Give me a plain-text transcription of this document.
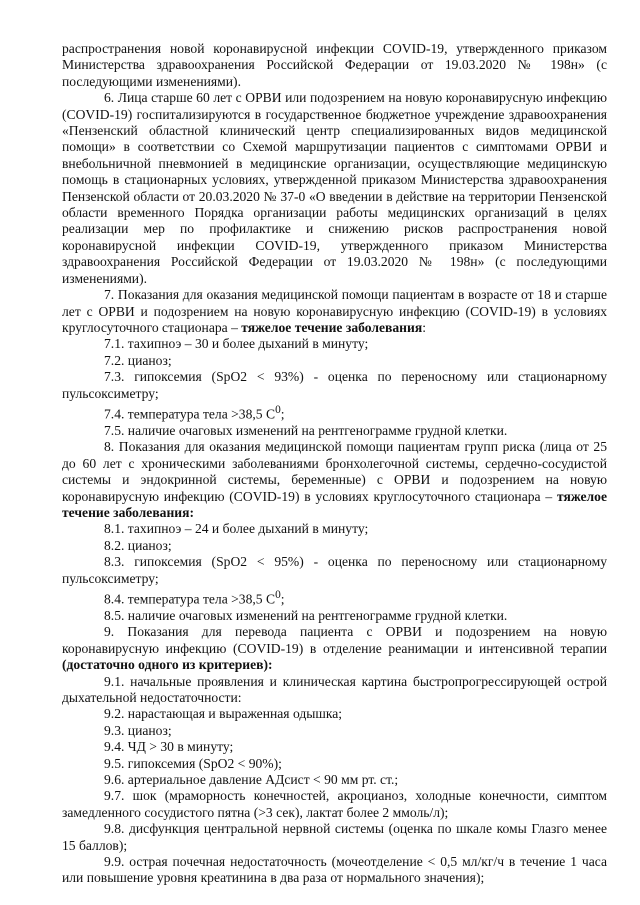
распространения новой коронавирусной инфекции COVID-19, утвержденного приказом Министерства здравоохранения Российской Федерации от 19.03.2020 № 198н» (с последующими изменениями).

6. Лица старше 60 лет с ОРВИ или подозрением на новую коронавирусную инфекцию (COVID-19) госпитализируются в государственное бюджетное учреждение здравоохранения «Пензенский областной клинический центр специализированных видов медицинской помощи» в соответствии со Схемой маршрутизации пациентов с симптомами ОРВИ и внебольничной пневмонией в медицинские организации, осуществляющие медицинскую помощь в стационарных условиях, утвержденной приказом Министерства здравоохранения Пензенской области от 20.03.2020 № 37-0 «О введении в действие на территории Пензенской области временного Порядка организации работы медицинских организаций в целях реализации мер по профилактике и снижению рисков распространения новой коронавирусной инфекции COVID-19, утвержденного приказом Министерства здравоохранения Российской Федерации от 19.03.2020 № 198н» (с последующими изменениями).

7. Показания для оказания медицинской помощи пациентам в возрасте от 18 и старше лет с ОРВИ и подозрением на новую коронавирусную инфекцию (COVID-19) в условиях круглосуточного стационара – тяжелое течение заболевания:

7.1. тахипноэ – 30 и более дыханий в минуту;

7.2. цианоз;

7.3. гипоксемия (SpO2 < 93%) - оценка по переносному или стационарному пульсоксиметру;

7.4. температура тела >38,5 $С^0$;

7.5. наличие очаговых изменений на рентгенограмме грудной клетки.

8. Показания для оказания медицинской помощи пациентам групп риска (лица от 25 до 60 лет с хроническими заболеваниями бронхолегочной системы, сердечно-сосудистой системы и эндокринной системы, беременные) с ОРВИ и подозрением на новую коронавирусную инфекцию (COVID-19) в условиях круглосуточного стационара – тяжелое течение заболевания:

8.1. тахипноэ – 24 и более дыханий в минуту;

8.2. цианоз;

8.3. гипоксемия (SpO2 < 95%) - оценка по переносному или стационарному пульсоксиметру;

8.4. температура тела >38,5 $С^0$;

8.5. наличие очаговых изменений на рентгенограмме грудной клетки.

9. Показания для перевода пациента с ОРВИ и подозрением на новую коронавирусную инфекцию (COVID-19) в отделение реанимации и интенсивной терапии (достаточно одного из критериев):

9.1. начальные проявления и клиническая картина быстропрогрессирующей острой дыхательной недостаточности:

9.2. нарастающая и выраженная одышка;

9.3. цианоз;

9.4. ЧД > 30 в минуту;

9.5. гипоксемия (SpO2 < 90%);

9.6. артериальное давление АДсист < 90 мм рт. ст.;

9.7. шок (мраморность конечностей, акроцианоз, холодные конечности, симптом замедленного сосудистого пятна (>3 сек), лактат более 2 ммоль/л);

9.8. дисфункция центральной нервной системы (оценка по шкале комы Глазго менее 15 баллов);

9.9. острая почечная недостаточность (мочеотделение < 0,5 мл/кг/ч в течение 1 часа или повышение уровня креатинина в два раза от нормального значения);
